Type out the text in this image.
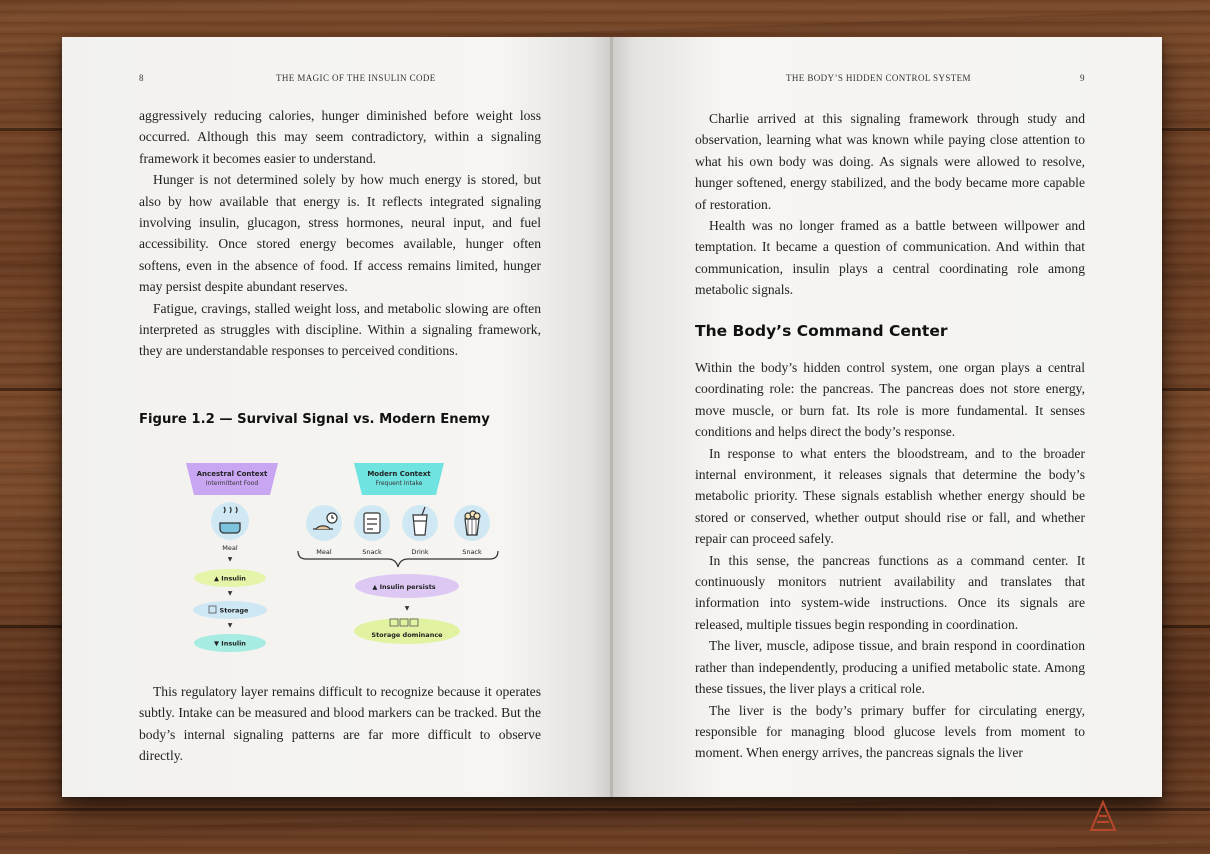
8	THE MAGIC OF THE INSULIN CODE

aggressively reducing calories, hunger diminished before weight loss occurred. Although this may seem contradictory, within a signaling framework it becomes easier to understand.

Hunger is not determined solely by how much energy is stored, but also by how available that energy is. It reflects integrated signaling involving insulin, glucagon, stress hormones, neural input, and fuel accessibility. Once stored energy becomes available, hunger often softens, even in the absence of food. If access remains limited, hunger may persist despite abundant reserves.

Fatigue, cravings, stalled weight loss, and metabolic slowing are often interpreted as struggles with discipline. Within a signaling framework, they are understandable responses to perceived conditions.

Figure 1.2 — Survival Signal vs. Modern Enemy
Ancestral Context
Intermittent Food
Modern Context
Frequent Intake
Meal
▼
▲ Insulin
▼
Storage
▼
▼ Insulin
Meal	Snack	Drink	Snack
▲ Insulin persists
▼
Storage dominance

This regulatory layer remains difficult to recognize because it operates subtly. Intake can be measured and blood markers can be tracked. But the body’s internal signaling patterns are far more difficult to observe directly.

THE BODY’S HIDDEN CONTROL SYSTEM	9

Charlie arrived at this signaling framework through study and observation, learning what was known while paying close attention to what his own body was doing. As signals were allowed to resolve, hunger softened, energy stabilized, and the body became more capable of restoration.

Health was no longer framed as a battle between willpower and temptation. It became a question of communication. And within that communication, insulin plays a central coordinating role among metabolic signals.

The Body’s Command Center

Within the body’s hidden control system, one organ plays a central coordinating role: the pancreas. The pancreas does not store energy, move muscle, or burn fat. Its role is more fundamental. It senses conditions and helps direct the body’s response.

In response to what enters the bloodstream, and to the broader internal environment, it releases signals that determine the body’s metabolic priority. These signals establish whether energy should be stored or conserved, whether output should rise or fall, and whether repair can proceed safely.

In this sense, the pancreas functions as a command center. It continuously monitors nutrient availability and translates that information into system-wide instructions. Once its signals are released, multiple tissues begin responding in coordination.

The liver, muscle, adipose tissue, and brain respond in coordination rather than independently, producing a unified metabolic state. Among these tissues, the liver plays a critical role.

The liver is the body’s primary buffer for circulating energy, responsible for managing blood glucose levels from moment to moment. When energy arrives, the pancreas signals the liver
